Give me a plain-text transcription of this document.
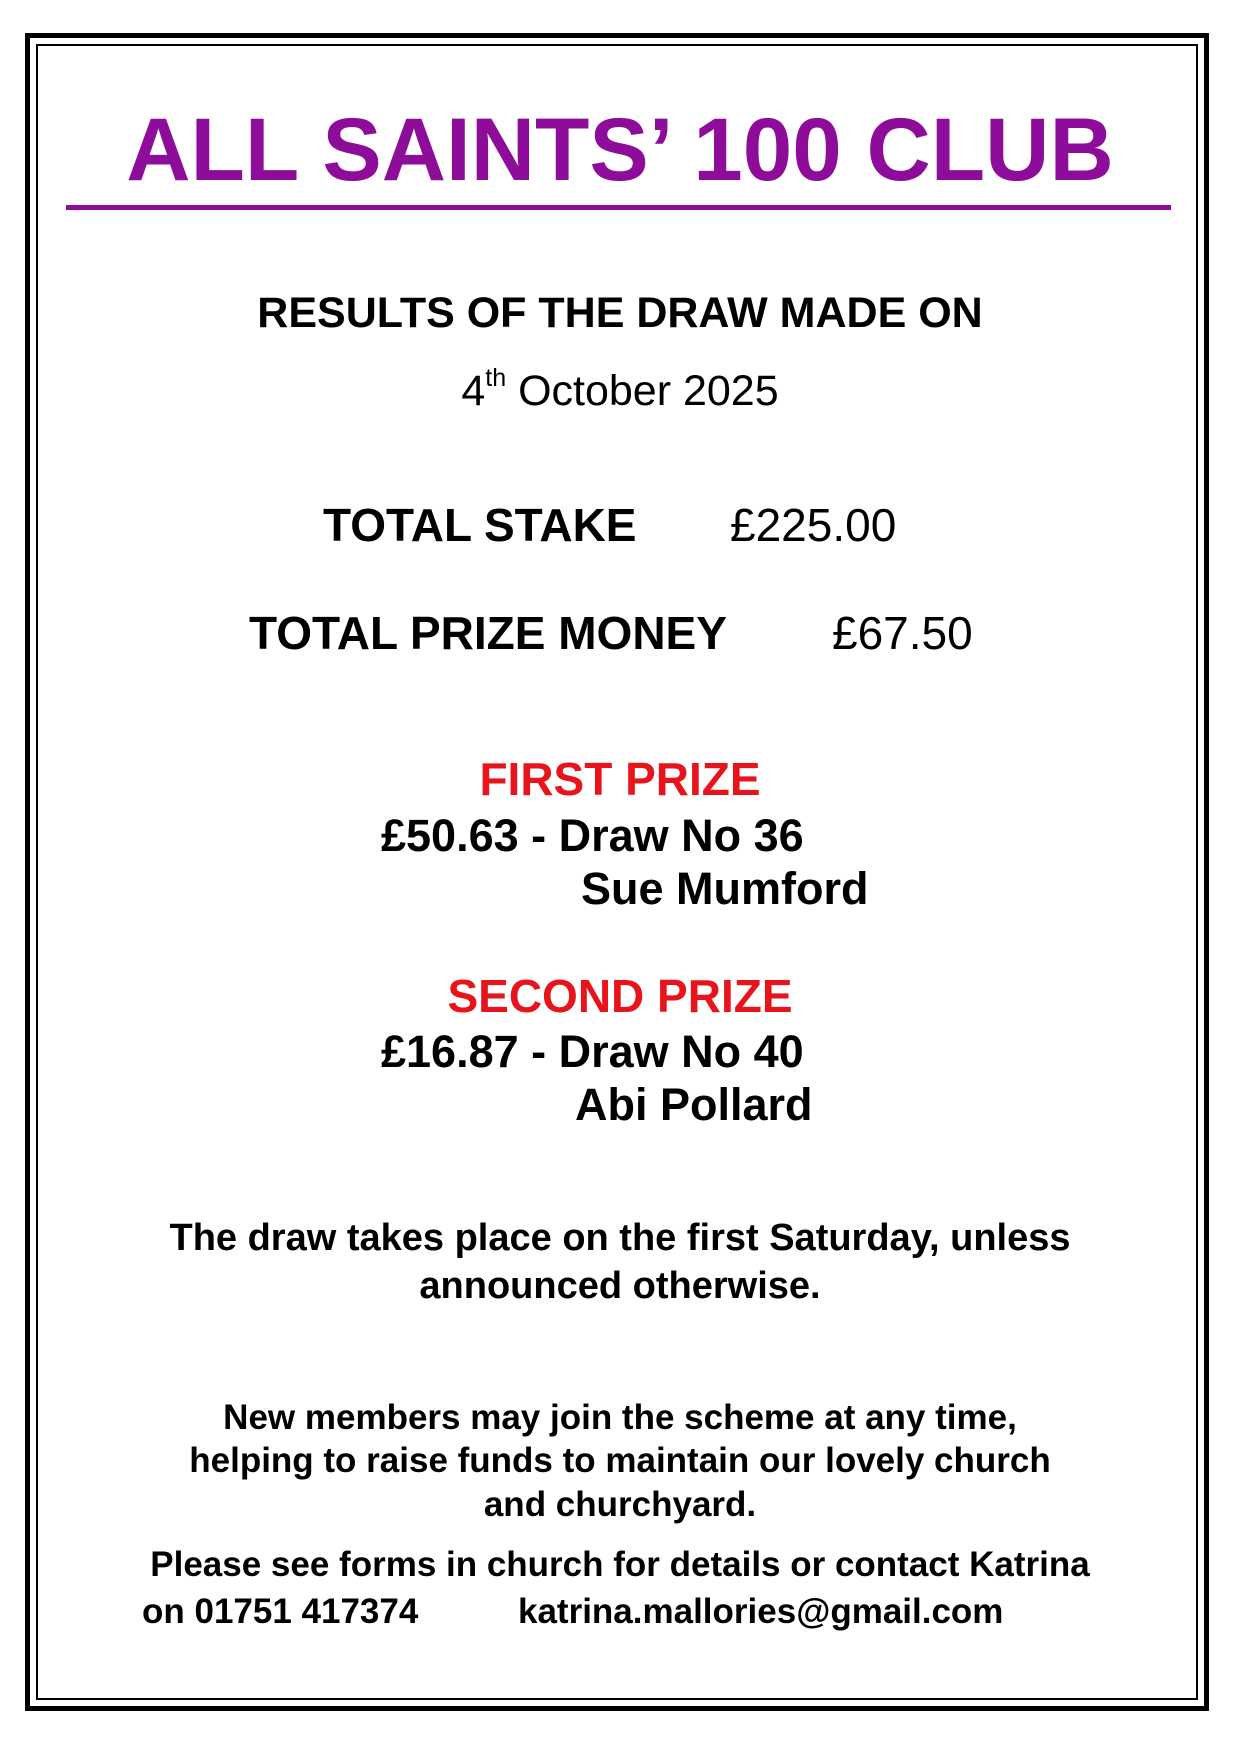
ALL SAINTS’ 100 CLUB
RESULTS OF THE DRAW MADE ON
4th October 2025
TOTAL STAKE £225.00
TOTAL PRIZE MONEY £67.50
FIRST PRIZE
£50.63 - Draw No 36
Sue Mumford
SECOND PRIZE
£16.87 - Draw No 40
Abi Pollard
The draw takes place on the first Saturday, unless
announced otherwise.
New members may join the scheme at any time,
helping to raise funds to maintain our lovely church
and churchyard.
Please see forms in church for details or contact Katrina
on 01751 417374	katrina.mallories@gmail.com
